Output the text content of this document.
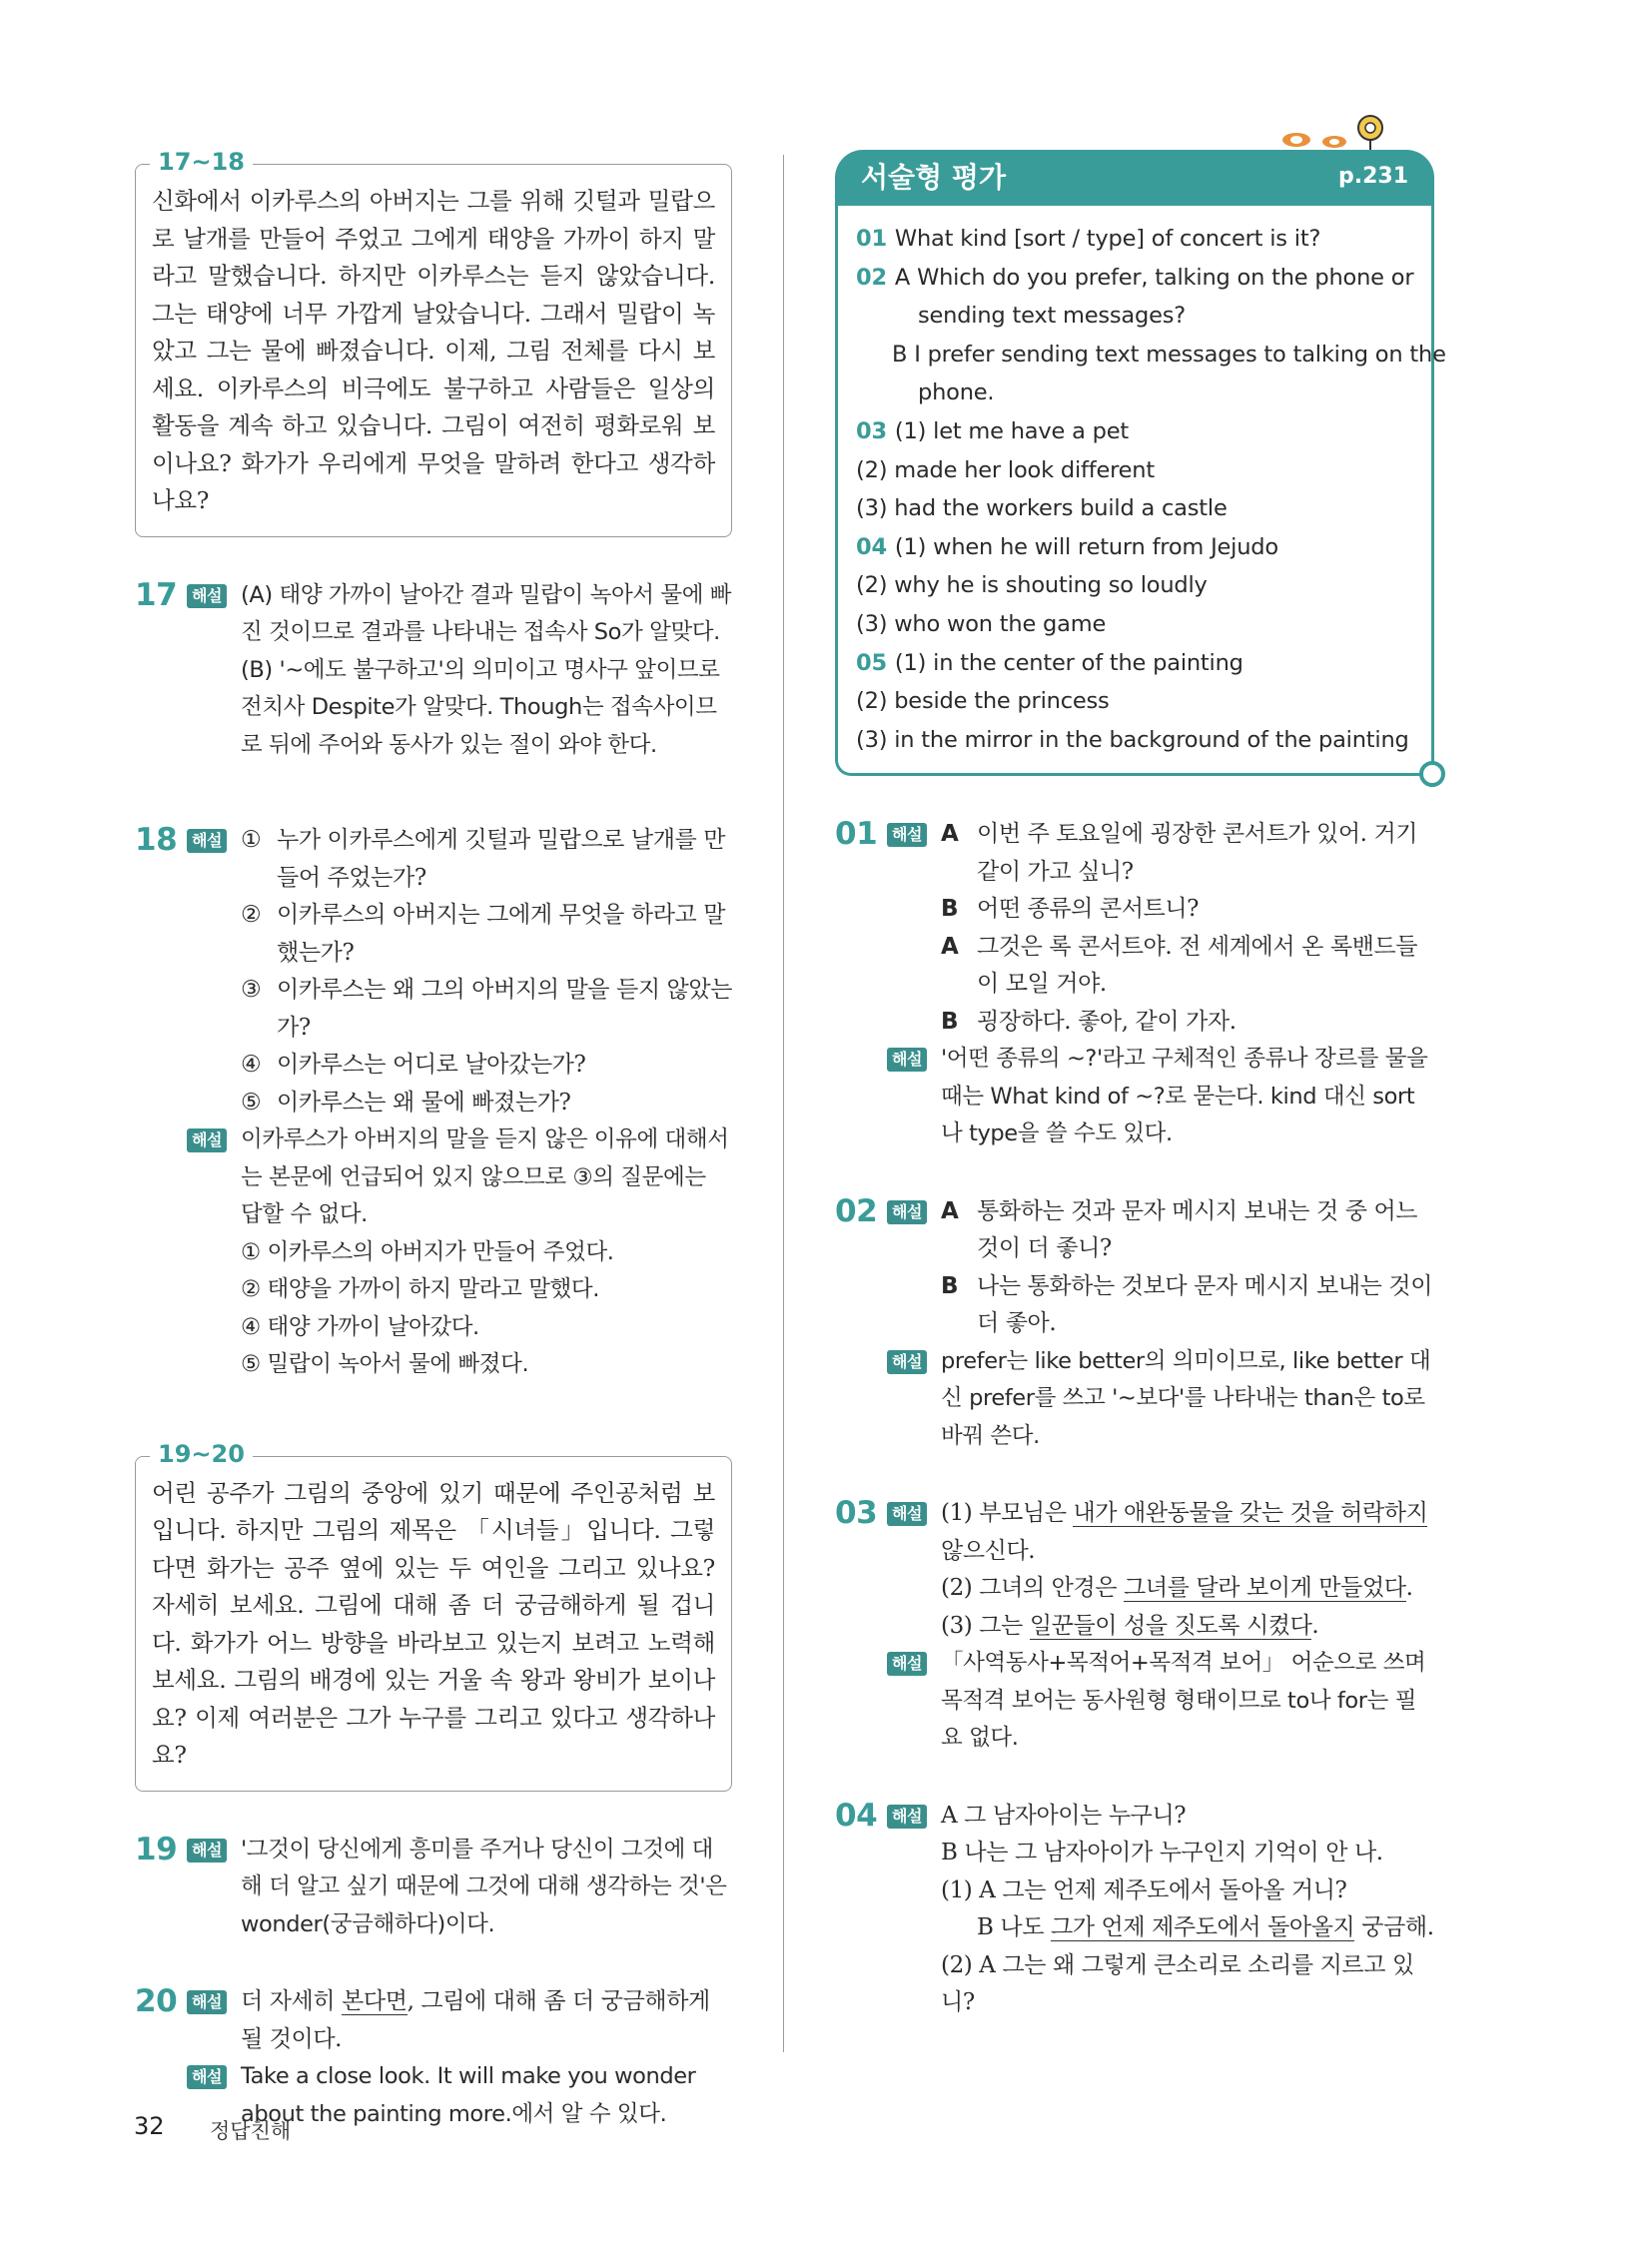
17~18
신화에서 이카루스의 아버지는 그를 위해 깃털과 밀랍으로 날개를 만들어 주었고 그에게 태양을 가까이 하지 말라고 말했습니다. 하지만 이카루스는 듣지 않았습니다. 그는 태양에 너무 가깝게 날았습니다. 그래서 밀랍이 녹았고 그는 물에 빠졌습니다. 이제, 그림 전체를 다시 보세요. 이카루스의 비극에도 불구하고 사람들은 일상의 활동을 계속 하고 있습니다. 그림이 여전히 평화로워 보이나요? 화가가 우리에게 무엇을 말하려 한다고 생각하나요?
17 해설 (A) 태양 가까이 날아간 결과 밀랍이 녹아서 물에 빠진 것이므로 결과를 나타내는 접속사 So가 알맞다.
(B) '~에도 불구하고'의 의미이고 명사구 앞이므로 전치사 Despite가 알맞다. Though는 접속사이므로 뒤에 주어와 동사가 있는 절이 와야 한다.
18 해설 ① 누가 이카루스에게 깃털과 밀랍으로 날개를 만들어 주었는가?
② 이카루스의 아버지는 그에게 무엇을 하라고 말했는가?
③ 이카루스는 왜 그의 아버지의 말을 듣지 않았는가?
④ 이카루스는 어디로 날아갔는가?
⑤ 이카루스는 왜 물에 빠졌는가?
해설 이카루스가 아버지의 말을 듣지 않은 이유에 대해서는 본문에 언급되어 있지 않으므로 ③의 질문에는 답할 수 없다.
① 이카루스의 아버지가 만들어 주었다.
② 태양을 가까이 하지 말라고 말했다.
④ 태양 가까이 날아갔다.
⑤ 밀랍이 녹아서 물에 빠졌다.
19~20
어린 공주가 그림의 중앙에 있기 때문에 주인공처럼 보입니다. 하지만 그림의 제목은 「시녀들」입니다. 그렇다면 화가는 공주 옆에 있는 두 여인을 그리고 있나요? 자세히 보세요. 그림에 대해 좀 더 궁금해하게 될 겁니다. 화가가 어느 방향을 바라보고 있는지 보려고 노력해 보세요. 그림의 배경에 있는 거울 속 왕과 왕비가 보이나요? 이제 여러분은 그가 누구를 그리고 있다고 생각하나요?
19 해설 '그것이 당신에게 흥미를 주거나 당신이 그것에 대해 더 알고 싶기 때문에 그것에 대해 생각하는 것'은 wonder(궁금해하다)이다.
20 해설 더 자세히 본다면, 그림에 대해 좀 더 궁금해하게 될 것이다.
해설 Take a close look. It will make you wonder about the painting more.에서 알 수 있다.
서술형 평가	p.231
01 What kind [sort / type] of concert is it?
02 A Which do you prefer, talking on the phone or
sending text messages?
B I prefer sending text messages to talking on the
phone.
03 (1) let me have a pet
(2) made her look different
(3) had the workers build a castle
04 (1) when he will return from Jejudo
(2) why he is shouting so loudly
(3) who won the game
05 (1) in the center of the painting
(2) beside the princess
(3) in the mirror in the background of the painting
01 해설 A 이번 주 토요일에 굉장한 콘서트가 있어. 거기 같이 가고 싶니?
B 어떤 종류의 콘서트니?
A 그것은 록 콘서트야. 전 세계에서 온 록밴드들이 모일 거야.
B 굉장하다. 좋아, 같이 가자.
해설 '어떤 종류의 ~?'라고 구체적인 종류나 장르를 물을 때는 What kind of ~?로 묻는다. kind 대신 sort나 type을 쓸 수도 있다.
02 해설 A 통화하는 것과 문자 메시지 보내는 것 중 어느 것이 더 좋니?
B 나는 통화하는 것보다 문자 메시지 보내는 것이 더 좋아.
해설 prefer는 like better의 의미이므로, like better 대신 prefer를 쓰고 '~보다'를 나타내는 than은 to로 바꿔 쓴다.
03 해설 (1) 부모님은 내가 애완동물을 갖는 것을 허락하지 않으신다.
(2) 그녀의 안경은 그녀를 달라 보이게 만들었다.
(3) 그는 일꾼들이 성을 짓도록 시켰다.
해설 「사역동사+목적어+목적격 보어」 어순으로 쓰며 목적격 보어는 동사원형 형태이므로 to나 for는 필요 없다.
04 해설 A 그 남자아이는 누구니?
B 나는 그 남자아이가 누구인지 기억이 안 나.
(1) A 그는 언제 제주도에서 돌아올 거니?
B 나도 그가 언제 제주도에서 돌아올지 궁금해.
(2) A 그는 왜 그렇게 큰소리로 소리를 지르고 있니?
32 정답친해
